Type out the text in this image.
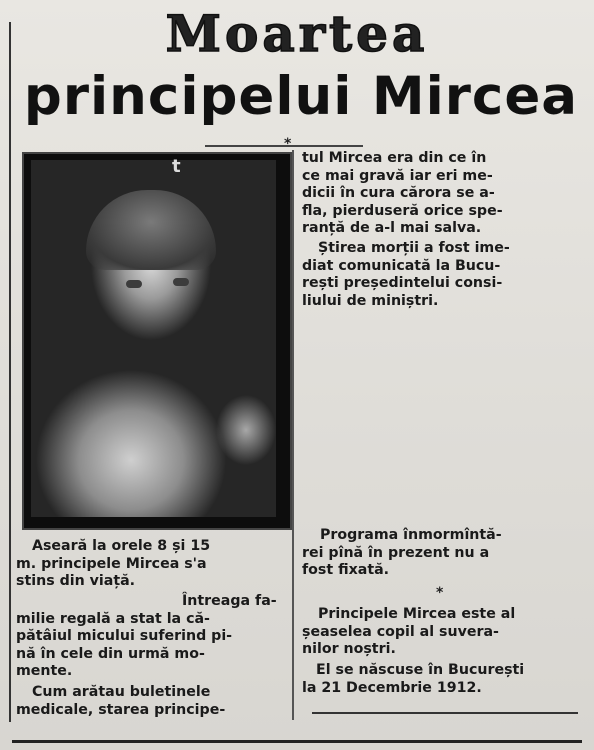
Moartea
principelui Mircea
*
t	tul Mircea era din ce în
ce mai gravă iar eri me-
dicii în cura cărora se a-
fla, pierduseră orice spe-
ranță de a-l mai salva.
Știrea morții a fost ime-
diat comunicată la Bucu-
rești președintelui consi-
liului de miniștri.
Aseară la orele 8 și 15
m. principele Mircea s'a
stins din viață.
Întreaga fa-
milie regală a stat la că-
pătâiul micului suferind pi-
nă în cele din urmă mo-
mente.
Cum arătau buletinele
medicale, starea principe-
Programa înmormîntă-
rei pînă în prezent nu a
fost fixată.
*
Principele Mircea este al
șeaselea copil al suvera-
nilor noștri.
El se născuse în București
la 21 Decembrie 1912.
